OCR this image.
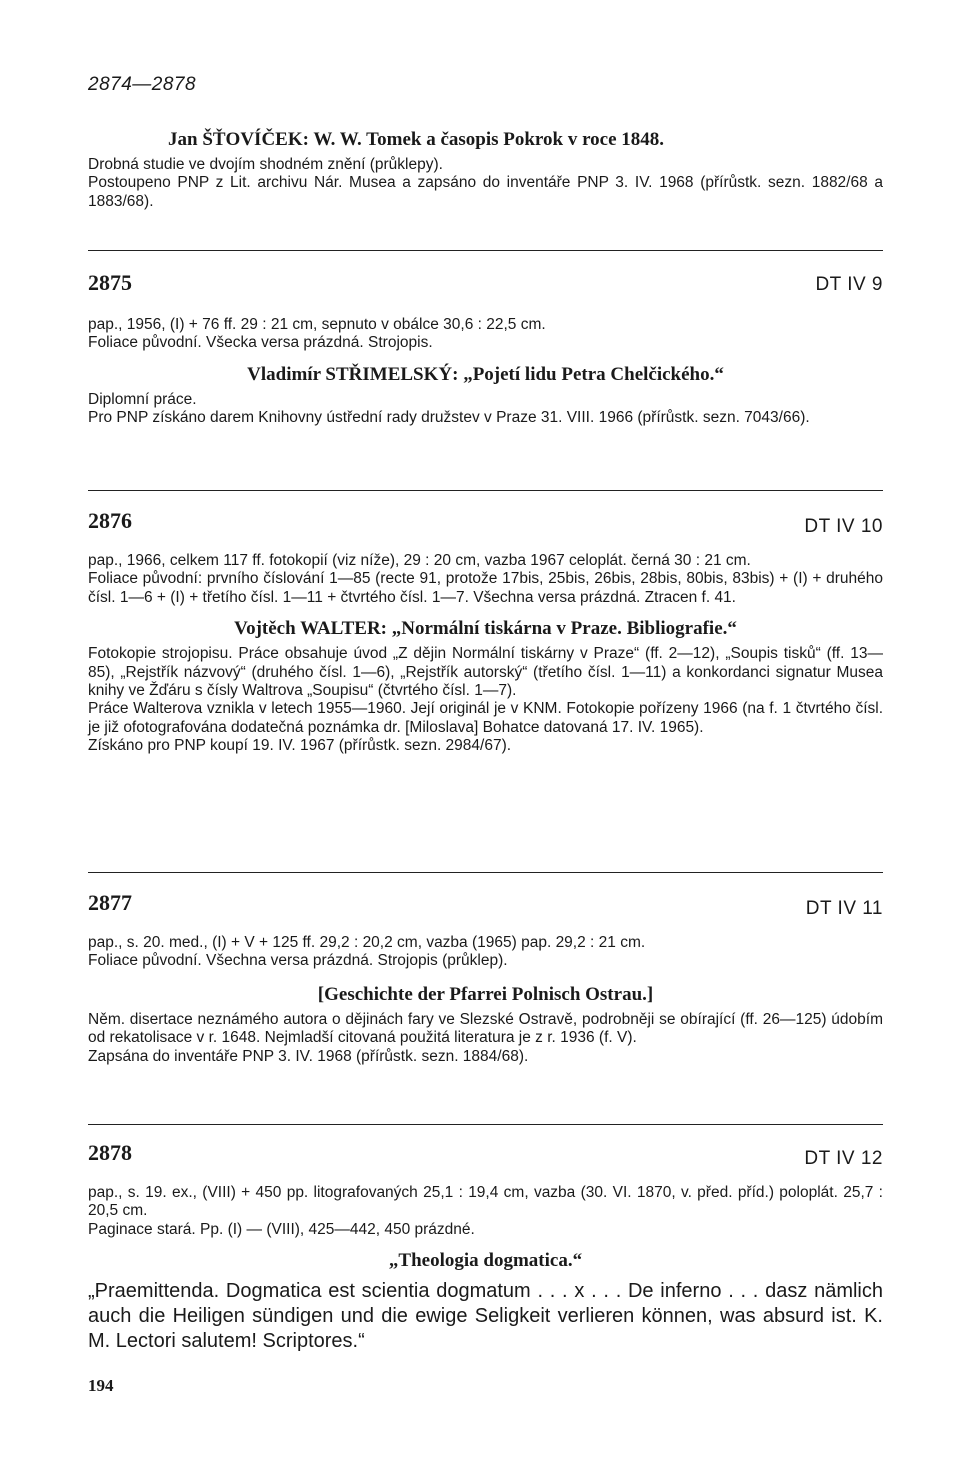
2874—2878
Jan ŠŤOVÍČEK: W. W. Tomek a časopis Pokrok v roce 1848.

Drobná studie ve dvojím shodném znění (průklepy).

Postoupeno PNP z Lit. archivu Nár. Musea a zapsáno do inventáře PNP 3. IV. 1968 (přírůstk. sezn. 1882/68 a 1883/68).

2875	DT IV 9

pap., 1956, (I) + 76 ff. 29 : 21 cm, sepnuto v obálce 30,6 : 22,5 cm.

Foliace původní. Všecka versa prázdná. Strojopis.

Vladimír STŘIMELSKÝ: „Pojetí lidu Petra Chelčického.“

Diplomní práce.

Pro PNP získáno darem Knihovny ústřední rady družstev v Praze 31. VIII. 1966 (přírůstk. sezn. 7043/66).

2876	DT IV 10

pap., 1966, celkem 117 ff. fotokopií (viz níže), 29 : 20 cm, vazba 1967 celoplát. černá 30 : 21 cm.

Foliace původní: prvního číslování 1—85 (recte 91, protože 17bis, 25bis, 26bis, 28bis, 80bis, 83bis) + (I) + druhého čísl. 1—6 + (I) + třetího čísl. 1—11 + čtvrtého čísl. 1—7. Všechna versa prázdná. Ztracen f. 41.

Vojtěch WALTER: „Normální tiskárna v Praze. Bibliografie.“

Fotokopie strojopisu. Práce obsahuje úvod „Z dějin Normální tiskárny v Praze“ (ff. 2—12), „Soupis tisků“ (ff. 13—85), „Rejstřík názvový“ (druhého čísl. 1—6), „Rejstřík autorský“ (třetího čísl. 1—11) a konkordanci signatur Musea knihy ve Žďáru s čísly Waltrova „Soupisu“ (čtvrtého čísl. 1—7).

Práce Walterova vznikla v letech 1955—1960. Její originál je v KNM. Fotokopie pořízeny 1966 (na f. 1 čtvrtého čísl. je již ofotografována dodatečná poznámka dr. [Miloslava] Bohatce datovaná 17. IV. 1965).

Získáno pro PNP koupí 19. IV. 1967 (přírůstk. sezn. 2984/67).

2877	DT IV 11

pap., s. 20. med., (I) + V + 125 ff. 29,2 : 20,2 cm, vazba (1965) pap. 29,2 : 21 cm.

Foliace původní. Všechna versa prázdná. Strojopis (průklep).

[Geschichte der Pfarrei Polnisch Ostrau.]

Něm. disertace neznámého autora o dějinách fary ve Slezské Ostravě, podrobněji se obírající (ff. 26—125) údobím od rekatolisace v r. 1648. Nejmladší citovaná použitá literatura je z r. 1936 (f. V).

Zapsána do inventáře PNP 3. IV. 1968 (přírůstk. sezn. 1884/68).

2878	DT IV 12

pap., s. 19. ex., (VIII) + 450 pp. litografovaných 25,1 : 19,4 cm, vazba (30. VI. 1870, v. před. příd.) poloplát. 25,7 : 20,5 cm.

Paginace stará. Pp. (I) — (VIII), 425—442, 450 prázdné.

„Theologia dogmatica.“

„Praemittenda. Dogmatica est scientia dogmatum . . . x . . . De inferno . . . dasz nämlich auch die Heiligen sündigen und die ewige Seligkeit verlieren können, was absurd ist. K. M. Lectori salutem! Scriptores.“

194
